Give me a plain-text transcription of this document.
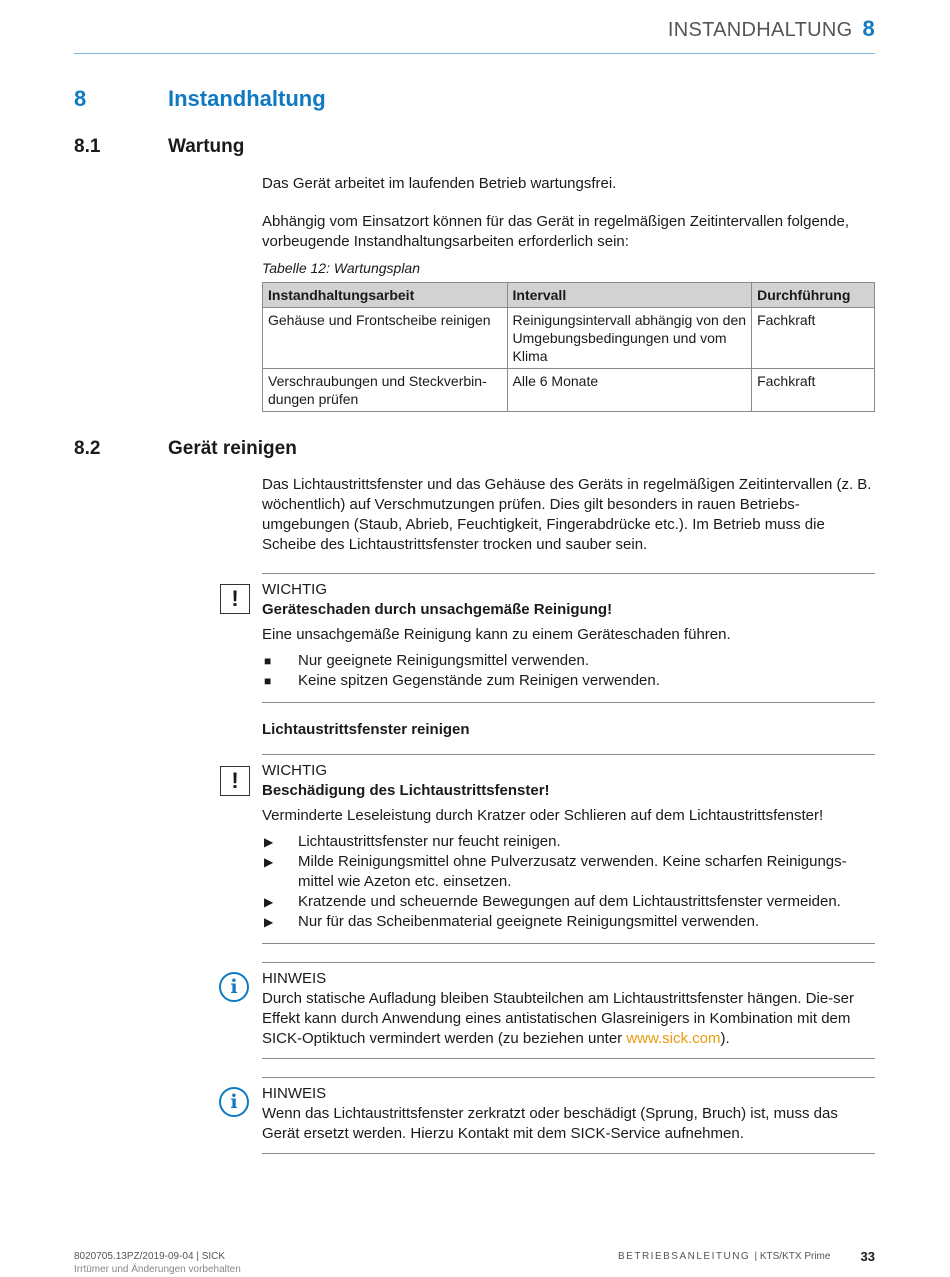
INSTANDHALTUNG 8
8	Instandhaltung
8.1	Wartung
Das Gerät arbeitet im laufenden Betrieb wartungsfrei.
Abhängig vom Einsatzort können für das Gerät in regelmäßigen Zeitintervallen folgende, vorbeugende Instandhaltungsarbeiten erforderlich sein:
Tabelle 12: Wartungsplan
Instandhaltungsarbeit	Intervall	Durchführung
Gehäuse und Frontscheibe reinigen	Reinigungsintervall abhängig von den Umgebungsbedingungen und vom Klima	Fachkraft
Verschraubungen und Steckverbin-dungen prüfen	Alle 6 Monate	Fachkraft
8.2	Gerät reinigen
Das Lichtaustrittsfenster und das Gehäuse des Geräts in regelmäßigen Zeitintervallen (z. B. wöchentlich) auf Verschmutzungen prüfen. Dies gilt besonders in rauen Betriebs-umgebungen (Staub, Abrieb, Feuchtigkeit, Fingerabdrücke etc.). Im Betrieb muss die Scheibe des Lichtaustrittsfenster trocken und sauber sein.
!	WICHTIG
Geräteschaden durch unsachgemäße Reinigung!
Eine unsachgemäße Reinigung kann zu einem Geräteschaden führen.
■ Nur geeignete Reinigungsmittel verwenden.
■ Keine spitzen Gegenstände zum Reinigen verwenden.
Lichtaustrittsfenster reinigen
!	WICHTIG
Beschädigung des Lichtaustrittsfenster!
Verminderte Leseleistung durch Kratzer oder Schlieren auf dem Lichtaustrittsfenster!
▶ Lichtaustrittsfenster nur feucht reinigen.
▶ Milde Reinigungsmittel ohne Pulverzusatz verwenden. Keine scharfen Reinigungs-mittel wie Azeton etc. einsetzen.
▶ Kratzende und scheuernde Bewegungen auf dem Lichtaustrittsfenster vermeiden.
▶ Nur für das Scheibenmaterial geeignete Reinigungsmittel verwenden.
i	HINWEIS

Durch statische Aufladung bleiben Staubteilchen am Lichtaustrittsfenster hängen. Die-ser Effekt kann durch Anwendung eines antistatischen Glasreinigers in Kombination mit dem SICK-Optiktuch vermindert werden (zu beziehen unter www.sick.com).

i	HINWEIS

Wenn das Lichtaustrittsfenster zerkratzt oder beschädigt (Sprung, Bruch) ist, muss das Gerät ersetzt werden. Hierzu Kontakt mit dem SICK-Service aufnehmen.

8020705.13PZ/2019-09-04 | SICK
Irrtümer und Änderungen vorbehalten
BETRIEBSANLEITUNG | KTS/KTX Prime 33
